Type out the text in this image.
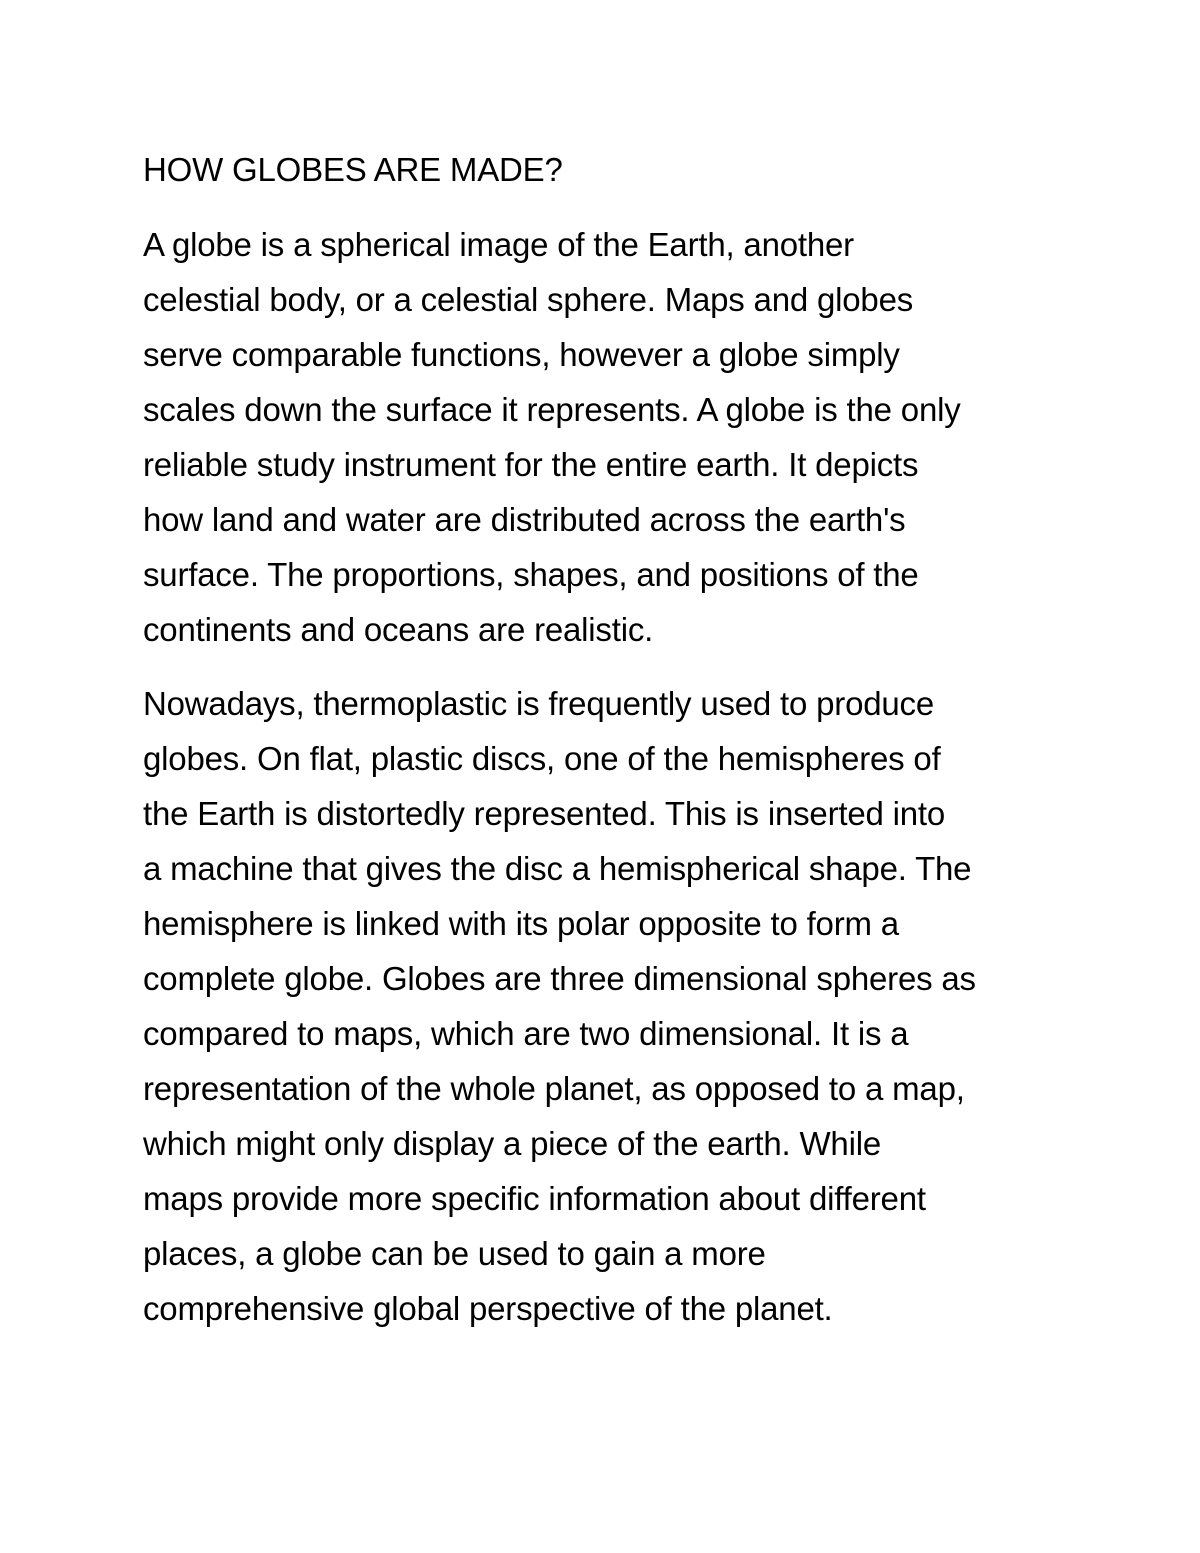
HOW GLOBES ARE MADE?
A globe is a spherical image of the Earth, another
celestial body, or a celestial sphere. Maps and globes
serve comparable functions, however a globe simply
scales down the surface it represents. A globe is the only
reliable study instrument for the entire earth. It depicts
how land and water are distributed across the earth's
surface. The proportions, shapes, and positions of the
continents and oceans are realistic.
Nowadays, thermoplastic is frequently used to produce
globes. On flat, plastic discs, one of the hemispheres of
the Earth is distortedly represented. This is inserted into
a machine that gives the disc a hemispherical shape. The
hemisphere is linked with its polar opposite to form a
complete globe. Globes are three dimensional spheres as
compared to maps, which are two dimensional. It is a
representation of the whole planet, as opposed to a map,
which might only display a piece of the earth. While
maps provide more specific information about different
places, a globe can be used to gain a more
comprehensive global perspective of the planet.
